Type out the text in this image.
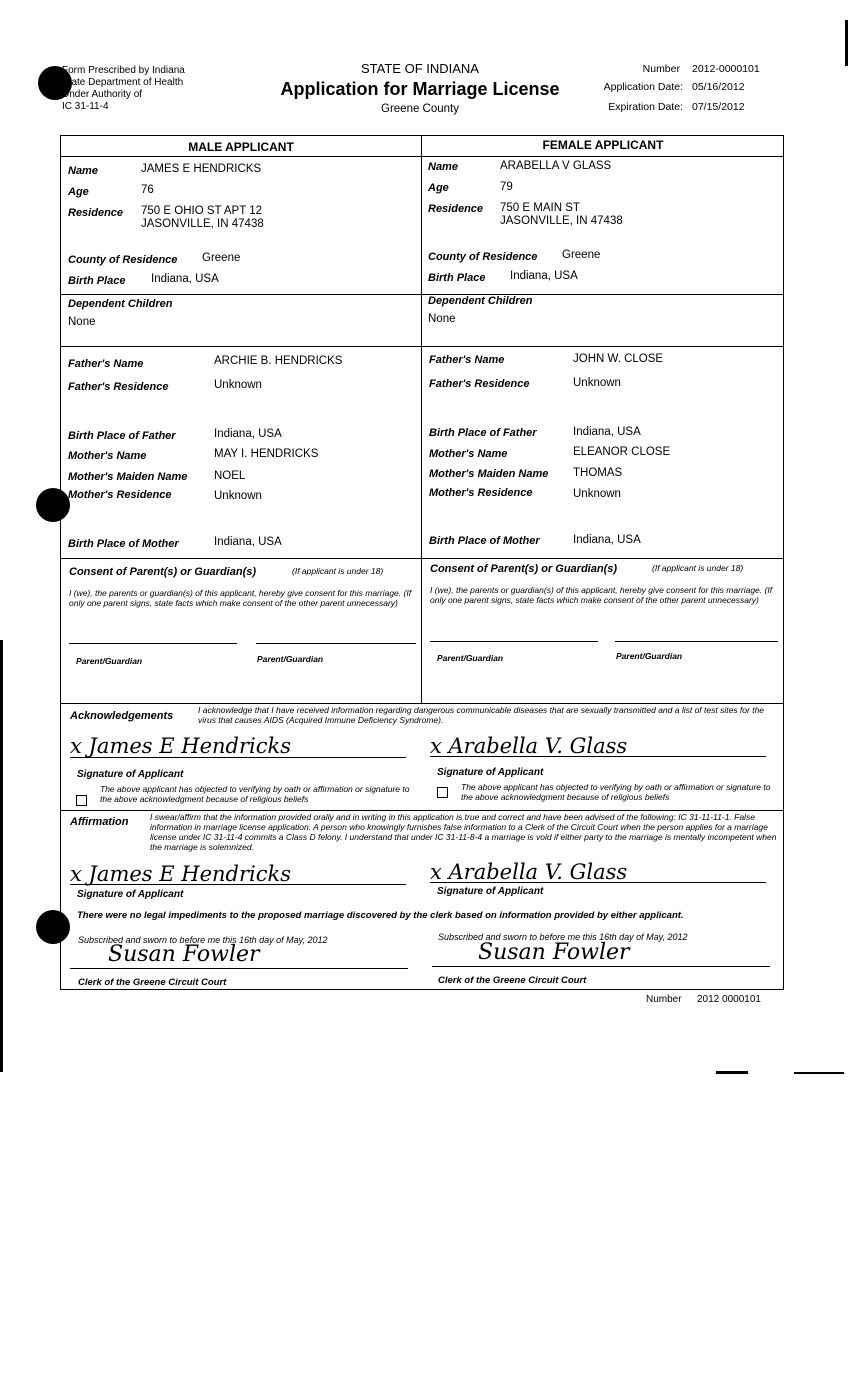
Form Prescribed by Indiana
State Department of Health
Under Authority of
IC 31-11-4
STATE OF INDIANA
Application for Marriage License
Greene County
Number 2012-0000101
Application Date: 05/16/2012
Expiration Date: 07/15/2012
MALE APPLICANT	FEMALE APPLICANT
Name	JAMES E HENDRICKS
Age	76
Residence 750 E OHIO ST APT 12
JASONVILLE, IN 47438
County of Residence Greene
Birth Place Indiana, USA
Dependent Children
None
Name	ARABELLA V GLASS
Age	79
Residence 750 E MAIN ST
JASONVILLE, IN 47438
County of Residence Greene
Birth Place Indiana, USA
Dependent Children
None
Father's Name	ARCHIE B. HENDRICKS
Father's Residence	Unknown
Birth Place of Father	Indiana, USA
Mother's Name	MAY I. HENDRICKS
Mother's Maiden Name NOEL
Mother's Residence	Unknown
Birth Place of Mother	Indiana, USA
Father's Name	JOHN W. CLOSE
Father's Residence	Unknown
Birth Place of Father	Indiana, USA
Mother's Name	ELEANOR CLOSE
Mother's Maiden Name THOMAS
Mother's Residence	Unknown
Birth Place of Mother	Indiana, USA
Consent of Parent(s) or Guardian(s)	(If applicant is under 18)
I (we), the parents or guardian(s) of this applicant, hereby give consent for this marriage. (If only one parent signs, state facts which make consent of the other parent unnecessary)
Parent/Guardian	Parent/Guardian
Consent of Parent(s) or Guardian(s)	(If applicant is under 18)
I (we), the parents or guardian(s) of this applicant, hereby give consent for this marriage. (If only one parent signs, state facts which make consent of the other parent unnecessary)
Parent/Guardian	Parent/Guardian
Acknowledgements	I acknowledge that I have received information regarding dangerous communicable diseases that are sexually transmitted and a list of test sites for the virus that causes AIDS (Acquired Immune Deficiency Syndrome).
x James E Hendricks
Signature of Applicant
The above applicant has objected to verifying by oath or affirmation or signature to the above acknowledgment because of religious beliefs
x Arabella V. Glass
Signature of Applicant
The above applicant has objected to verifying by oath or affirmation or signature to the above acknowledgment because of religious beliefs
Affirmation	I swear/affirm that the information provided orally and in writing in this application is true and correct and have been advised of the following: IC 31-11-11-1. False information in marriage license application. A person who knowingly furnishes false information to a Clerk of the Circuit Court when the person applies for a marriage license under IC 31-11-4 commits a Class D felony. I understand that under IC 31-11-8-4 a marriage is void if either party to the marriage is mentally incompetent when the marriage is solemnized.
x James E Hendricks
Signature of Applicant
x Arabella V. Glass
Signature of Applicant
There were no legal impediments to the proposed marriage discovered by the clerk based on information provided by either applicant.
Subscribed and sworn to before me this 16th day of May, 2012
Susan Fowler
Clerk of the Greene Circuit Court
Subscribed and sworn to before me this 16th day of May, 2012
Susan Fowler
Clerk of the Greene Circuit Court
Number 2012 0000101
